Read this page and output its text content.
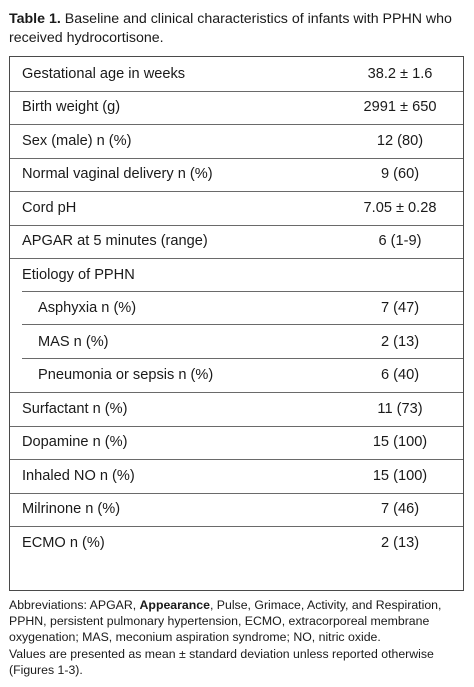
Table 1. Baseline and clinical characteristics of infants with PPHN who received hydrocortisone.
Gestational age in weeks	38.2 ± 1.6
Birth weight (g)	2991 ± 650
Sex (male) n (%)	12 (80)
Normal vaginal delivery n (%)	9 (60)
Cord pH	7.05 ± 0.28
APGAR at 5 minutes (range)	6 (1-9)
Etiology of PPHN
Asphyxia n (%)	7 (47)
MAS n (%)	2 (13)
Pneumonia or sepsis n (%)	6 (40)
Surfactant n (%)	11 (73)
Dopamine n (%)	15 (100)
Inhaled NO n (%)	15 (100)
Milrinone n (%)	7 (46)
ECMO n (%)	2 (13)
Abbreviations: APGAR, Appearance, Pulse, Grimace, Activity, and Respiration, PPHN, persistent pulmonary hypertension, ECMO, extracorporeal membrane oxygenation; MAS, meconium aspiration syndrome; NO, nitric oxide.
Values are presented as mean ± standard deviation unless reported otherwise (Figures 1-3).
